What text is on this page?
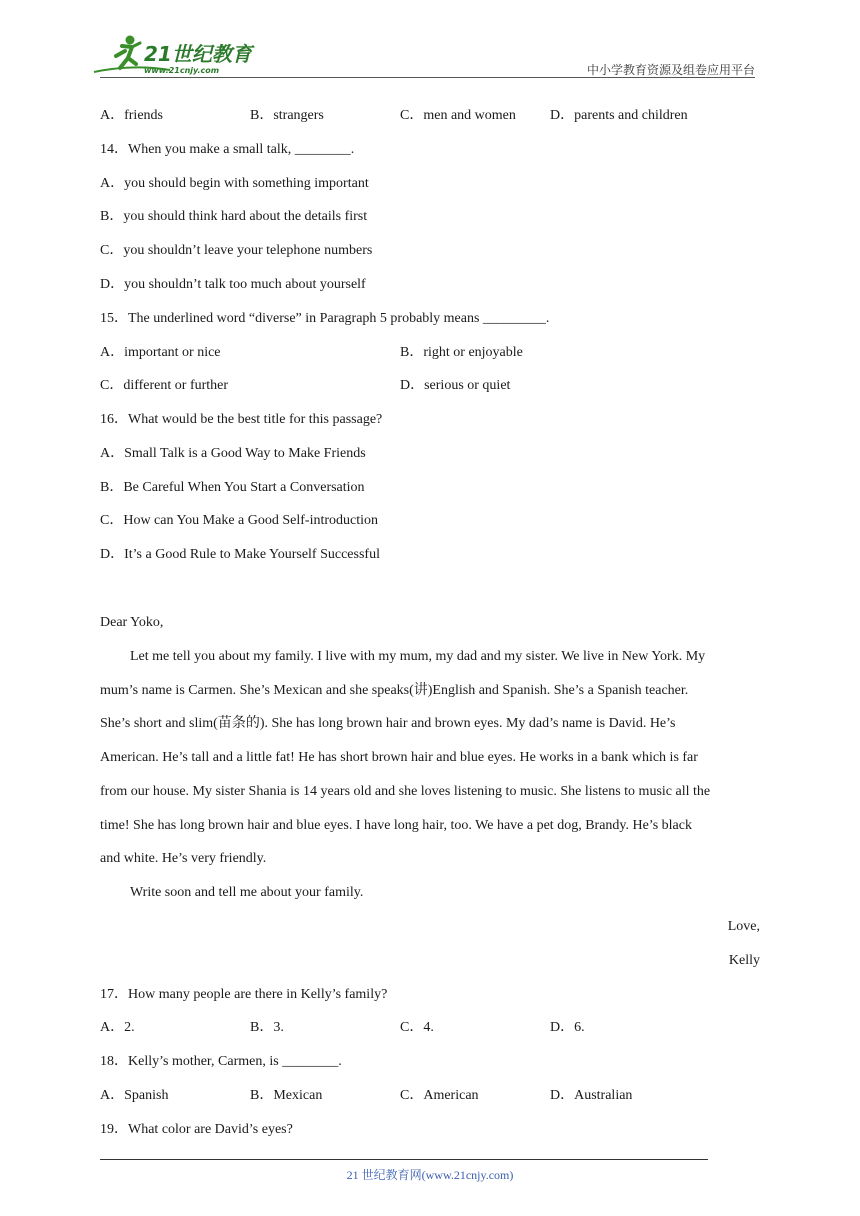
21世纪教育
www.21cnjy.com	中小学教育资源及组卷应用平台
A．friends	B．strangers	C．men and women D．parents and children
14．When you make a small talk, ________.
A．you should begin with something important
B．you should think hard about the details first
C．you shouldn’t leave your telephone numbers
D．you shouldn’t talk too much about yourself
15．The underlined word “diverse” in Paragraph 5 probably means _________.
A．important or nice	B．right or enjoyable
C．different or further	D．serious or quiet
16．What would be the best title for this passage?
A．Small Talk is a Good Way to Make Friends
B．Be Careful When You Start a Conversation
C．How can You Make a Good Self-introduction
D．It’s a Good Rule to Make Yourself Successful
Dear Yoko,
Let me tell you about my family. I live with my mum, my dad and my sister. We live in New York. My
mum’s name is Carmen. She’s Mexican and she speaks(讲)English and Spanish. She’s a Spanish teacher.
She’s short and slim(苗条的). She has long brown hair and brown eyes. My dad’s name is David. He’s
American. He’s tall and a little fat! He has short brown hair and blue eyes. He works in a bank which is far
from our house. My sister Shania is 14 years old and she loves listening to music. She listens to music all the
time! She has long brown hair and blue eyes. I have long hair, too. We have a pet dog, Brandy. He’s black
and white. He’s very friendly.
Write soon and tell me about your family.
Love,
Kelly
17．How many people are there in Kelly’s family?
A．2.	B．3.	C．4.	D．6.
18．Kelly’s mother, Carmen, is ________.
A．Spanish	B．Mexican	C．American	D．Australian
19．What color are David’s eyes?
21 世纪教育网(www.21cnjy.com)
